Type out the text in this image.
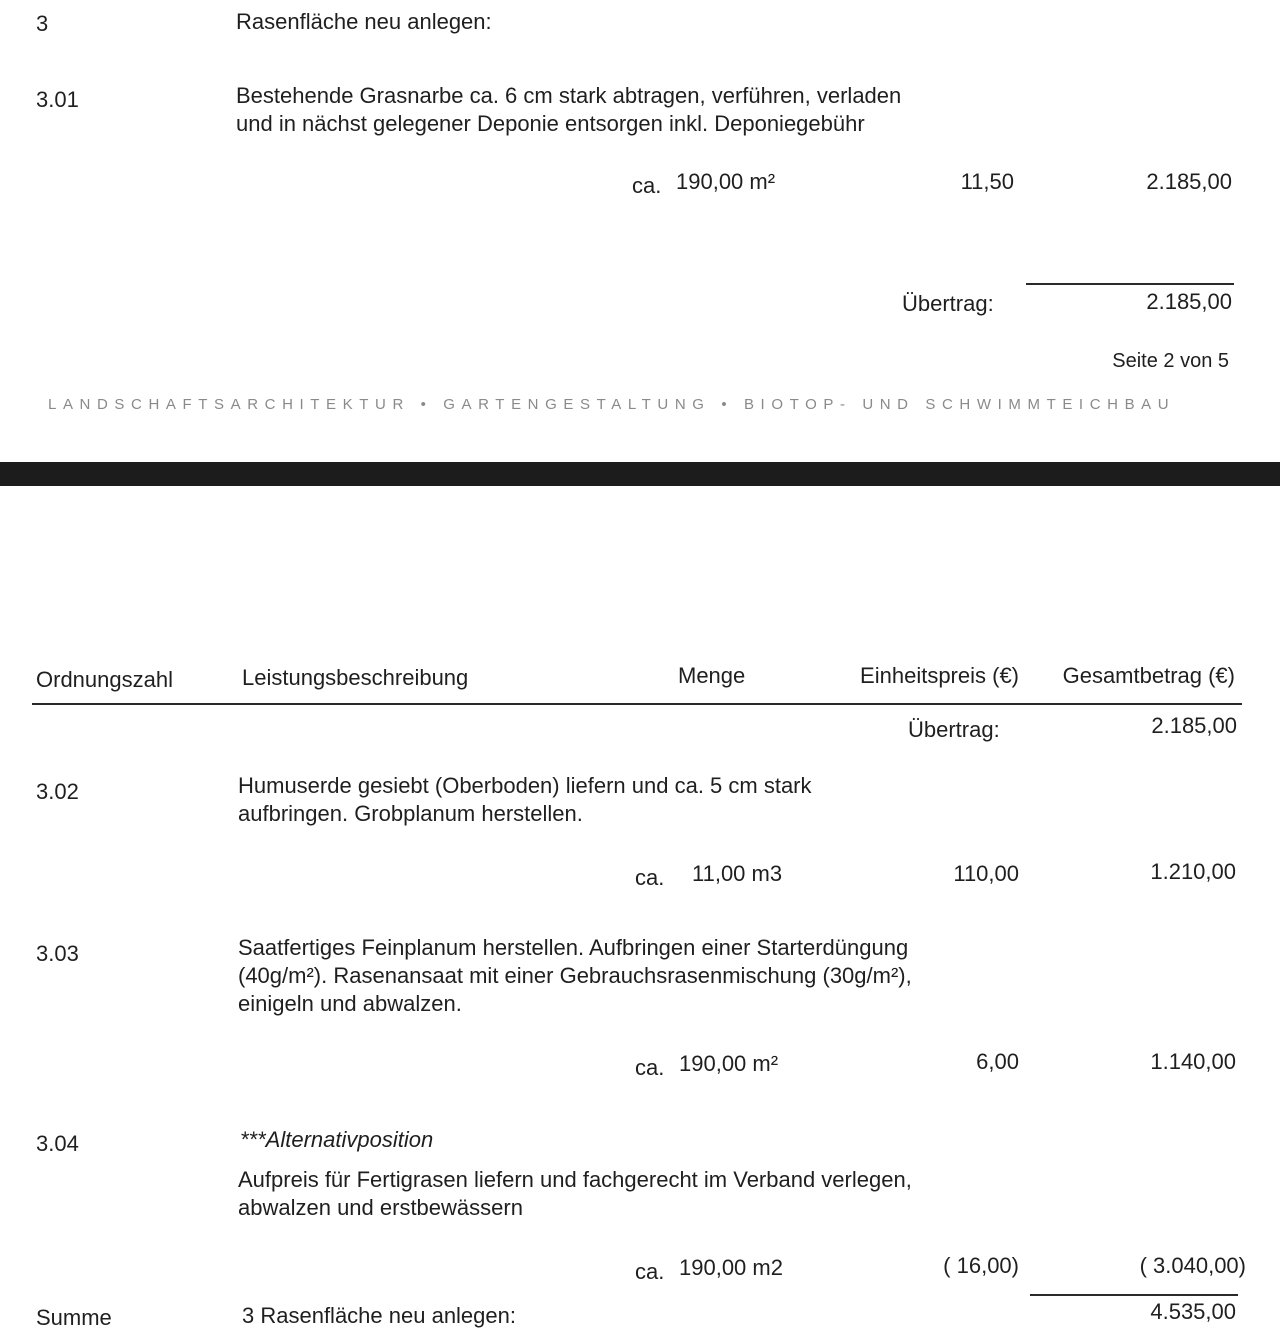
3	Rasenfläche neu anlegen:
3.01	Bestehende Grasnarbe ca. 6 cm stark abtragen, verführen, verladen
und in nächst gelegener Deponie entsorgen inkl. Deponiegebühr
ca. 190,00 m²	11,50	2.185,00
Übertrag:	2.185,00
Seite 2 von 5
LANDSCHAFTSARCHITEKTUR • GARTENGESTALTUNG • BIOTOP- UND SCHWIMMTEICHBAU
Ordnungszahl	Leistungsbeschreibung	Menge	Einheitspreis (€)	Gesamtbetrag (€)
Übertrag:	2.185,00
3.02	Humuserde gesiebt (Oberboden) liefern und ca. 5 cm stark
aufbringen. Grobplanum herstellen.
ca. 11,00 m3	110,00	1.210,00
3.03	Saatfertiges Feinplanum herstellen. Aufbringen einer Starterdüngung
(40g/m²). Rasenansaat mit einer Gebrauchsrasenmischung (30g/m²),
einigeln und abwalzen.
ca. 190,00 m²	6,00	1.140,00
3.04	***Alternativposition
Aufpreis für Fertigrasen liefern und fachgerecht im Verband verlegen,
abwalzen und erstbewässern
ca. 190,00 m2	( 16,00)	( 3.040,00)
Summe	3 Rasenfläche neu anlegen:	4.535,00
